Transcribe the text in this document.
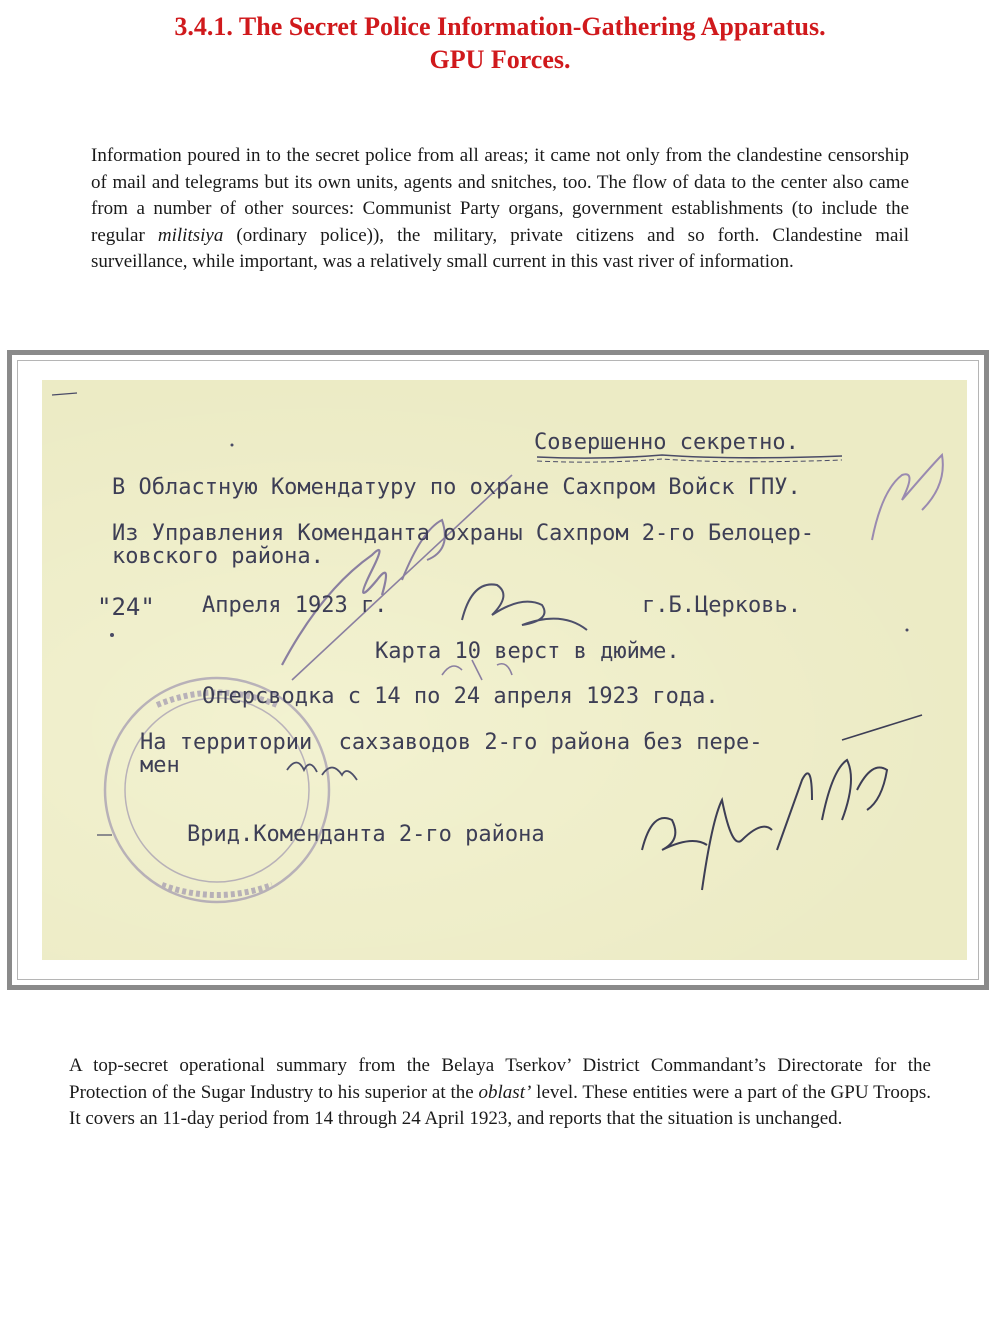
3.4.1. The Secret Police Information-Gathering Apparatus.
GPU Forces.
Information poured in to the secret police from all areas; it came not only from the clandestine censorship of mail and telegrams but its own units, agents and snitches, too. The flow of data to the center also came from a number of other sources: Communist Party organs, government establishments (to include the regular militsiya (ordinary police)), the military, private citizens and so forth. Clandestine mail surveillance, while important, was a relatively small current in this vast river of information.
Совершенно секретно.
В Областную Комендатуру по охране Сахпром Войск ГПУ.
Из Управления Коменданта охраны Сахпром 2-го Белоцер-
ковского района.
"24" Апреля 1923 г.	г.Б.Церковь.
Карта 10 верст в дюйме.
Оперсводка с 14 по 24 апреля 1923 года.
На территории  сахзаводов 2-го района без пере-
мен
Врид.Коменданта 2-го района
A top-secret operational summary from the Belaya Tserkov’ District Commandant’s Directorate for the Protection of the Sugar Industry to his superior at the oblast’ level. These entities were a part of the GPU Troops. It covers an 11-day period from 14 through 24 April 1923, and reports that the situation is unchanged.
